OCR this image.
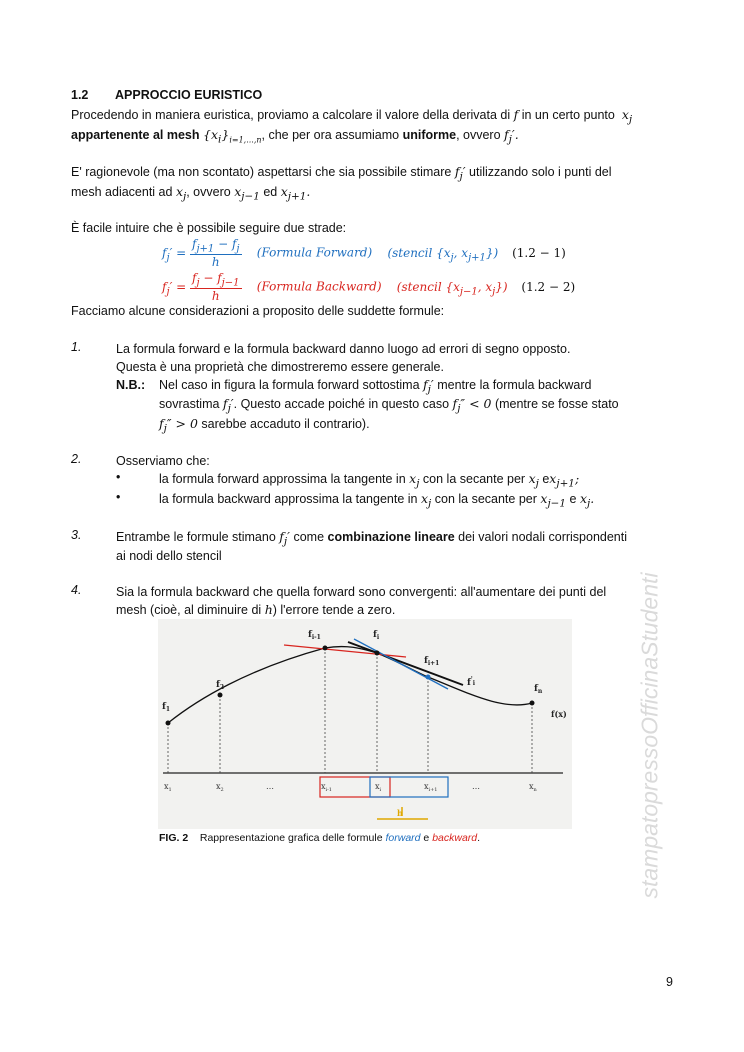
1.2 APPROCCIO EURISTICO
Procedendo in maniera euristica, proviamo a calcolare il valore della derivata di f in un certo punto $x_j$
appartenente al mesh $\{x_i\}_{i=1,...,n}$, che per ora assumiamo uniforme, ovvero $f_j'$.
E' ragionevole (ma non scontato) aspettarsi che sia possibile stimare $f_j'$ utilizzando solo i punti del
mesh adiacenti ad $x_j$, ovvero $x_{j-1}$ ed $x_{j+1}$.
È facile intuire che è possibile seguire due strade:
$f_j' = \frac{f_{j+1} - f_j}{h}$ (Formula Forward) (stencil {$x_j$, $x_{j+1}$}) (1.2 − 1)
$f_j' = \frac{f_j - f_{j-1}}{h}$ (Formula Backward) (stencil {$x_{j-1}$, $x_j$}) (1.2 − 2)
Facciamo alcune considerazioni a proposito delle suddette formule:
1.	La formula forward e la formula backward danno luogo ad errori di segno opposto.
Questa è una proprietà che dimostreremo essere generale.
N.B.: Nel caso in figura la formula forward sottostima $f_j'$ mentre la formula backward
sovrastima $f_j'$. Questo accade poiché in questo caso $f_j'' < 0$ (mentre se fosse stato
$f_j'' > 0$ sarebbe accaduto il contrario).
2.	Osserviamo che:
•	la formula forward approssima la tangente in $x_j$ con la secante per $x_j$ $ex_{j+1}$;
•	la formula backward approssima la tangente in $x_j$ con la secante per $x_{j-1}$ e $x_j$.
3.	Entrambe le formule stimano $f_j'$ come combinazione lineare dei valori nodali corrispondenti
ai nodi dello stencil
4.	Sia la formula backward che quella forward sono convergenti: all'aumentare dei punti del
mesh (cioè, al diminuire di h) l'errore tende a zero.
$f_1$
$f_2$
$f_{i-1}$	$f_i$
$f_{i+1}$
$f'_i$
$f_n$
f(x)
$x_1$	$x_2$	…	$x_{i-1}$	$x_i$	$x_{i+1}$	…	$x_n$
h
FIG. 2 Rappresentazione grafica delle formule forward e backward.	stampatopressoOfficinaStudenti
9
